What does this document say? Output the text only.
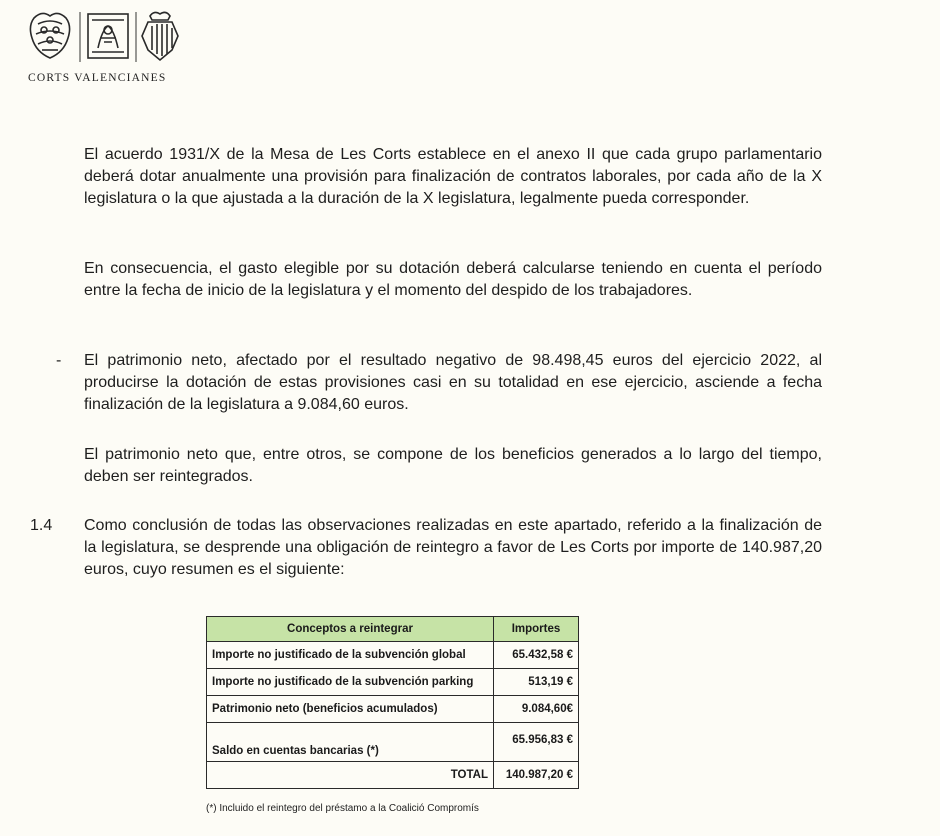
CORTS VALENCIANES

El acuerdo 1931/X de la Mesa de Les Corts establece en el anexo II que cada grupo parlamentario deberá dotar anualmente una provisión para finalización de contratos laborales, por cada año de la X legislatura o la que ajustada a la duración de la X legislatura, legalmente pueda corresponder.

En consecuencia, el gasto elegible por su dotación deberá calcularse teniendo en cuenta el período entre la fecha de inicio de la legislatura y el momento del despido de los trabajadores.

- El patrimonio neto, afectado por el resultado negativo de 98.498,45 euros del ejercicio 2022, al producirse la dotación de estas provisiones casi en su totalidad en ese ejercicio, asciende a fecha finalización de la legislatura a 9.084,60 euros.

El patrimonio neto que, entre otros, se compone de los beneficios generados a lo largo del tiempo, deben ser reintegrados.

1.4 Como conclusión de todas las observaciones realizadas en este apartado, referido a la finalización de la legislatura, se desprende una obligación de reintegro a favor de Les Corts por importe de 140.987,20 euros, cuyo resumen es el siguiente:

Conceptos a reintegrar	Importes
Importe no justificado de la subvención global	65.432,58 €
Importe no justificado de la subvención parking	513,19 €
Patrimonio neto (beneficios acumulados)	9.084,60€
Saldo en cuentas bancarias (*)	65.956,83 €
TOTAL	140.987,20 €
(*) Incluido el reintegro del préstamo a la Coalició Compromís
